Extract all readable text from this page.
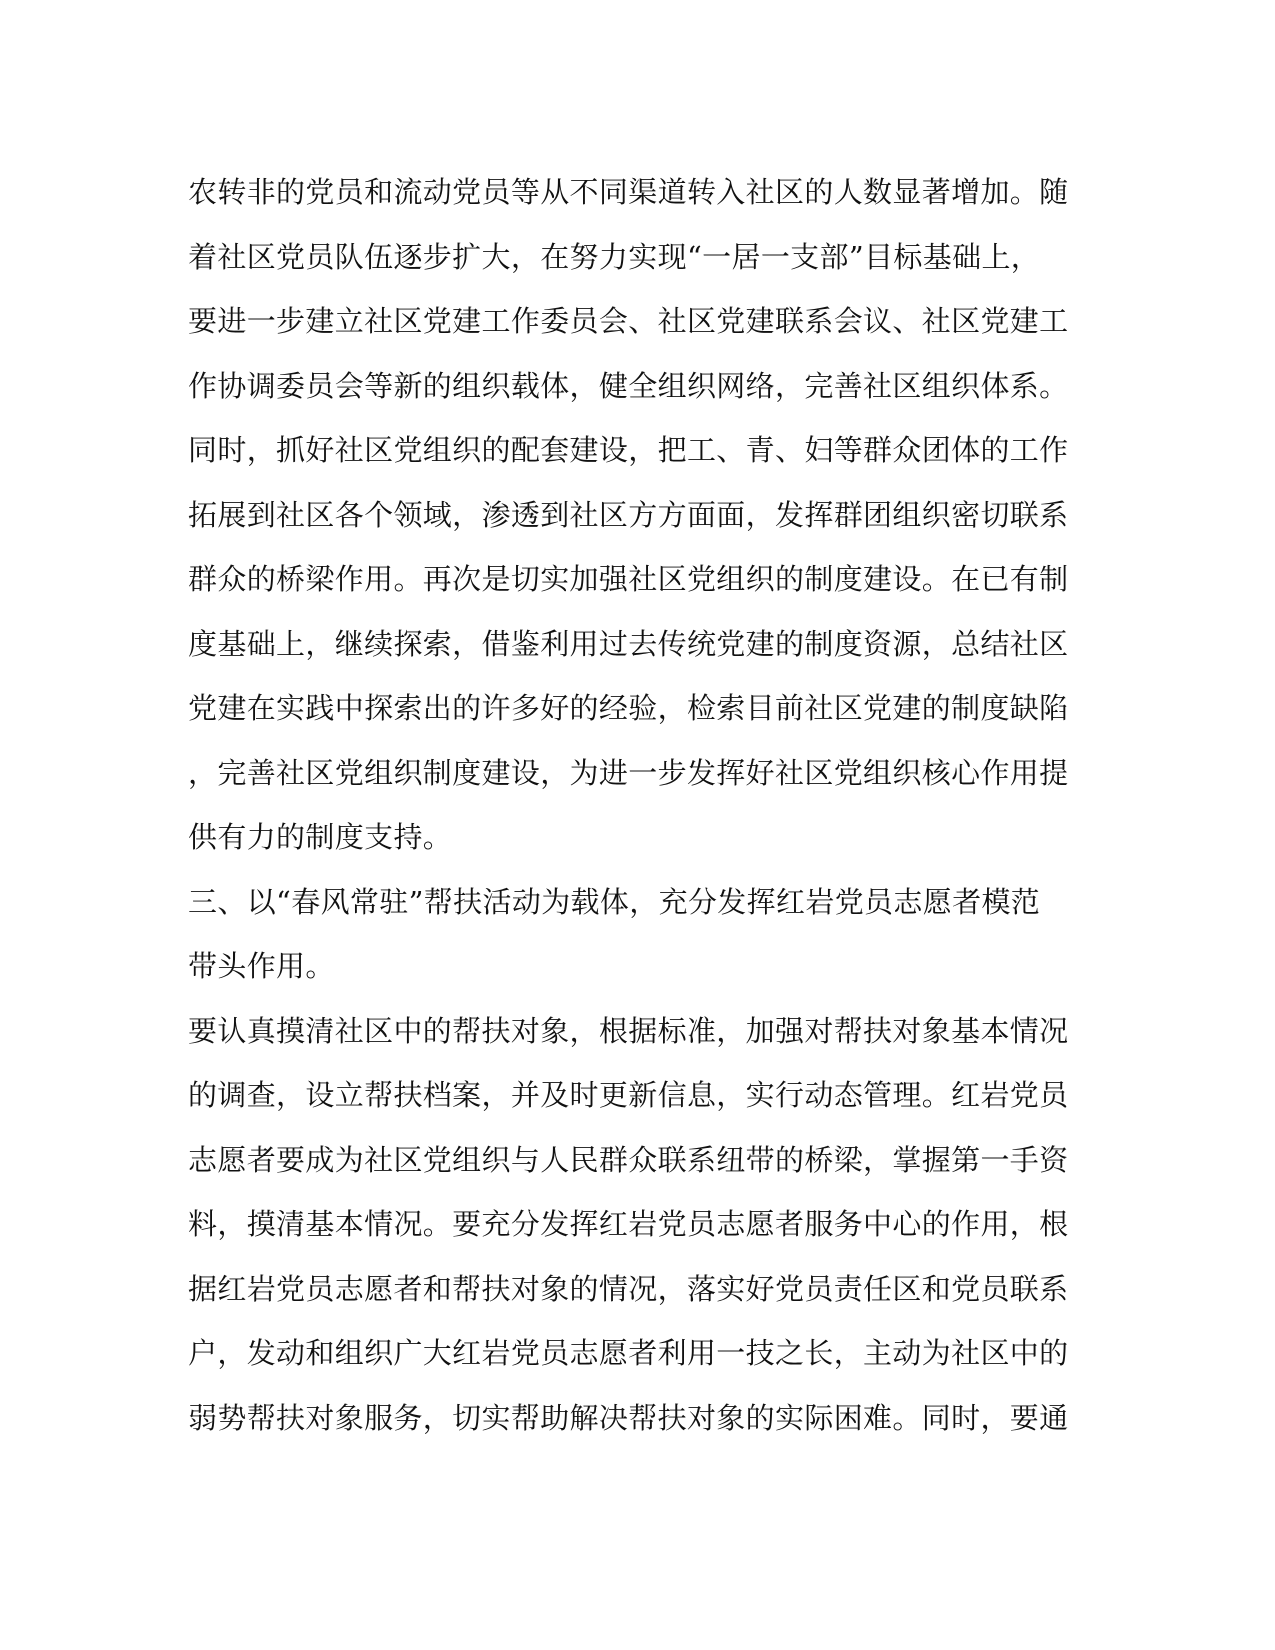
农转非的党员和流动党员等从不同渠道转入社区的人数显著增加。随
着社区党员队伍逐步扩大，在努力实现“一居一支部”目标基础上，
要进一步建立社区党建工作委员会、社区党建联系会议、社区党建工
作协调委员会等新的组织载体，健全组织网络，完善社区组织体系。
同时，抓好社区党组织的配套建设，把工、青、妇等群众团体的工作
拓展到社区各个领域，渗透到社区方方面面，发挥群团组织密切联系
群众的桥梁作用。再次是切实加强社区党组织的制度建设。在已有制
度基础上，继续探索，借鉴利用过去传统党建的制度资源，总结社区
党建在实践中探索出的许多好的经验，检索目前社区党建的制度缺陷
，完善社区党组织制度建设，为进一步发挥好社区党组织核心作用提
供有力的制度支持。
三、以“春风常驻”帮扶活动为载体，充分发挥红岩党员志愿者模范
带头作用。
要认真摸清社区中的帮扶对象，根据标准，加强对帮扶对象基本情况
的调查，设立帮扶档案，并及时更新信息，实行动态管理。红岩党员
志愿者要成为社区党组织与人民群众联系纽带的桥梁，掌握第一手资
料，摸清基本情况。要充分发挥红岩党员志愿者服务中心的作用，根
据红岩党员志愿者和帮扶对象的情况，落实好党员责任区和党员联系
户，发动和组织广大红岩党员志愿者利用一技之长，主动为社区中的
弱势帮扶对象服务，切实帮助解决帮扶对象的实际困难。同时，要通
